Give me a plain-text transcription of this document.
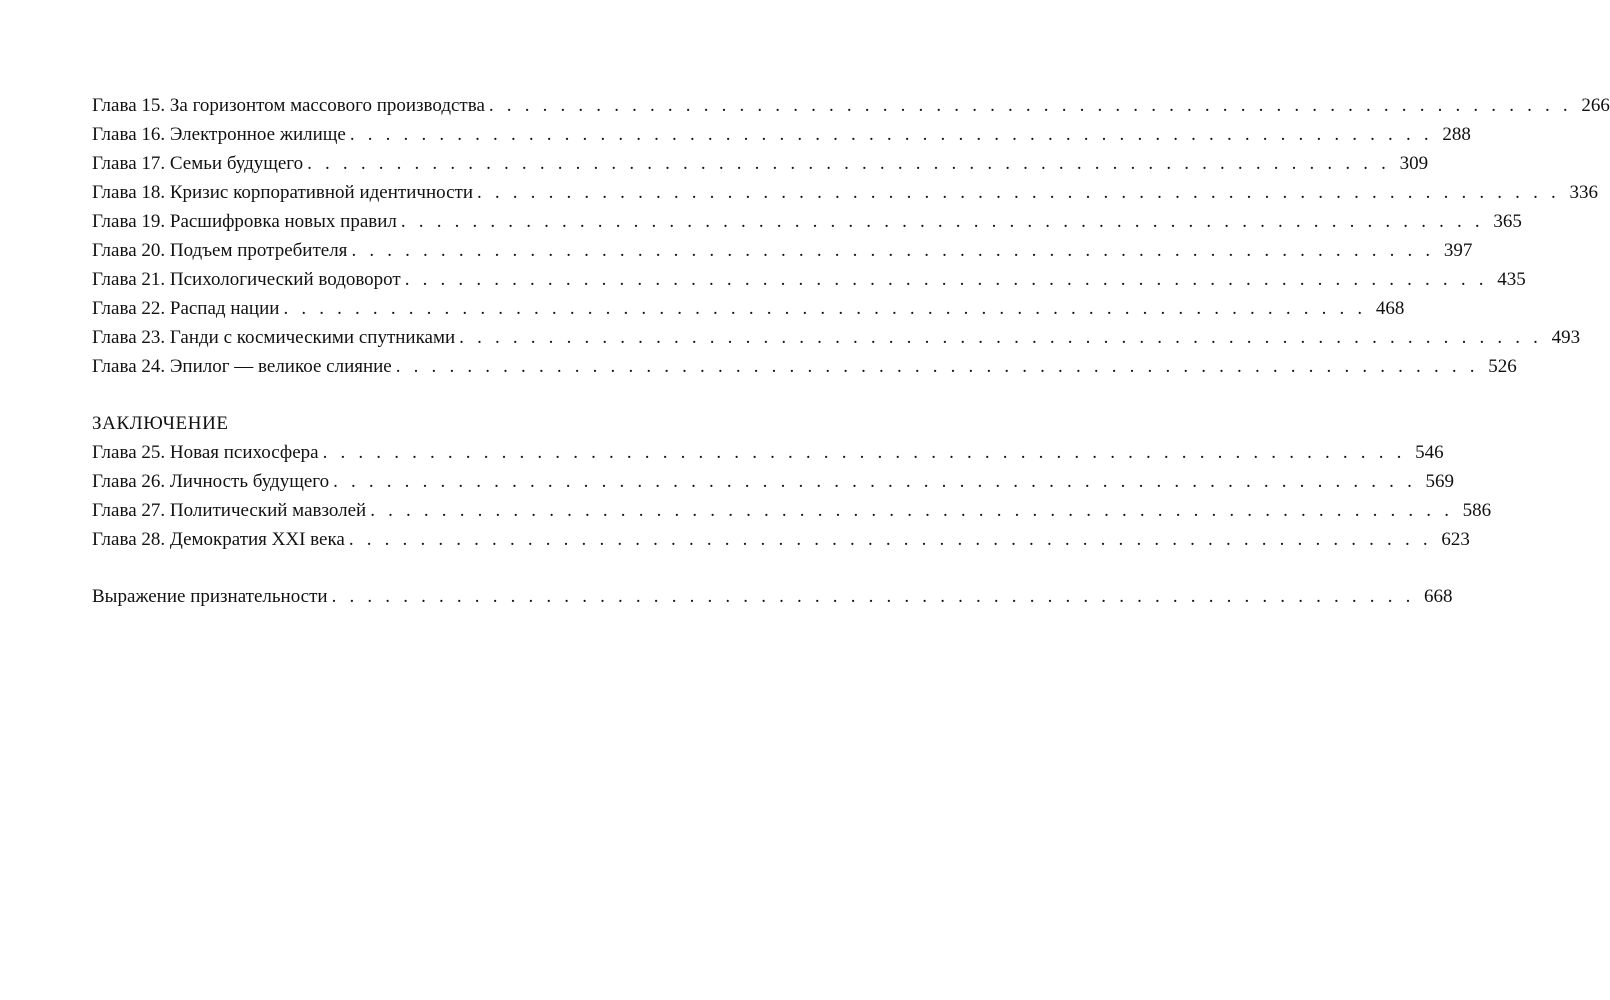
Глава 15. За горизонтом массового производства . . . . . . . . . . . . . . . . . . . . . . . . . . . . . . . . . . . . . . . . . . . . . . . . . . . . . . . . . . . . . 266
Глава 16. Электронное жилище . . . . . . . . . . . . . . . . . . . . . . . . . . . . . . . . . . . . . . . . . . . . . . . . . . . . . . . . . . . . . 288
Глава 17. Семьи будущего . . . . . . . . . . . . . . . . . . . . . . . . . . . . . . . . . . . . . . . . . . . . . . . . . . . . . . . . . . . . . 309
Глава 18. Кризис корпоративной идентичности . . . . . . . . . . . . . . . . . . . . . . . . . . . . . . . . . . . . . . . . . . . . . . . . . . . . . . . . . . . . . 336
Глава 19. Расшифровка новых правил . . . . . . . . . . . . . . . . . . . . . . . . . . . . . . . . . . . . . . . . . . . . . . . . . . . . . . . . . . . . . 365
Глава 20. Подъем протребителя . . . . . . . . . . . . . . . . . . . . . . . . . . . . . . . . . . . . . . . . . . . . . . . . . . . . . . . . . . . . . 397
Глава 21. Психологический водоворот . . . . . . . . . . . . . . . . . . . . . . . . . . . . . . . . . . . . . . . . . . . . . . . . . . . . . . . . . . . . . 435
Глава 22. Распад нации . . . . . . . . . . . . . . . . . . . . . . . . . . . . . . . . . . . . . . . . . . . . . . . . . . . . . . . . . . . . . 468
Глава 23. Ганди с космическими спутниками . . . . . . . . . . . . . . . . . . . . . . . . . . . . . . . . . . . . . . . . . . . . . . . . . . . . . . . . . . . . . 493
Глава 24. Эпилог — великое слияние . . . . . . . . . . . . . . . . . . . . . . . . . . . . . . . . . . . . . . . . . . . . . . . . . . . . . . . . . . . . . 526
ЗАКЛЮЧЕНИЕ
Глава 25. Новая психосфера . . . . . . . . . . . . . . . . . . . . . . . . . . . . . . . . . . . . . . . . . . . . . . . . . . . . . . . . . . . . . 546
Глава 26. Личность будущего . . . . . . . . . . . . . . . . . . . . . . . . . . . . . . . . . . . . . . . . . . . . . . . . . . . . . . . . . . . . . 569
Глава 27. Политический мавзолей . . . . . . . . . . . . . . . . . . . . . . . . . . . . . . . . . . . . . . . . . . . . . . . . . . . . . . . . . . . . . 586
Глава 28. Демократия XXI века . . . . . . . . . . . . . . . . . . . . . . . . . . . . . . . . . . . . . . . . . . . . . . . . . . . . . . . . . . . . . 623
Выражение признательности . . . . . . . . . . . . . . . . . . . . . . . . . . . . . . . . . . . . . . . . . . . . . . . . . . . . . . . . . . . . . 668
